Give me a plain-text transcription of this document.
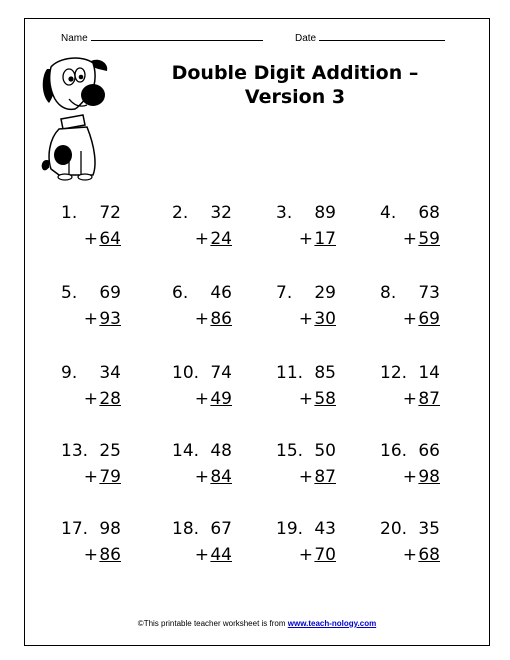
Name	Date
Double Digit Addition –
Version 3
1. 72
+ 64
2. 32
+ 24
3. 89
+ 17
4. 68
+ 59
5. 69
+ 93
6. 46
+ 86
7. 29
+ 30
8. 73
+ 69
9. 34
+ 28
10. 74
+ 49
11. 85
+ 58
12. 14
+ 87
13. 25
+ 79
14. 48
+ 84
15. 50
+ 87
16. 66
+ 98
17. 98
+ 86
18. 67
+ 44
19. 43
+ 70
20. 35
+ 68
©This printable teacher worksheet is from www.teach-nology.com
